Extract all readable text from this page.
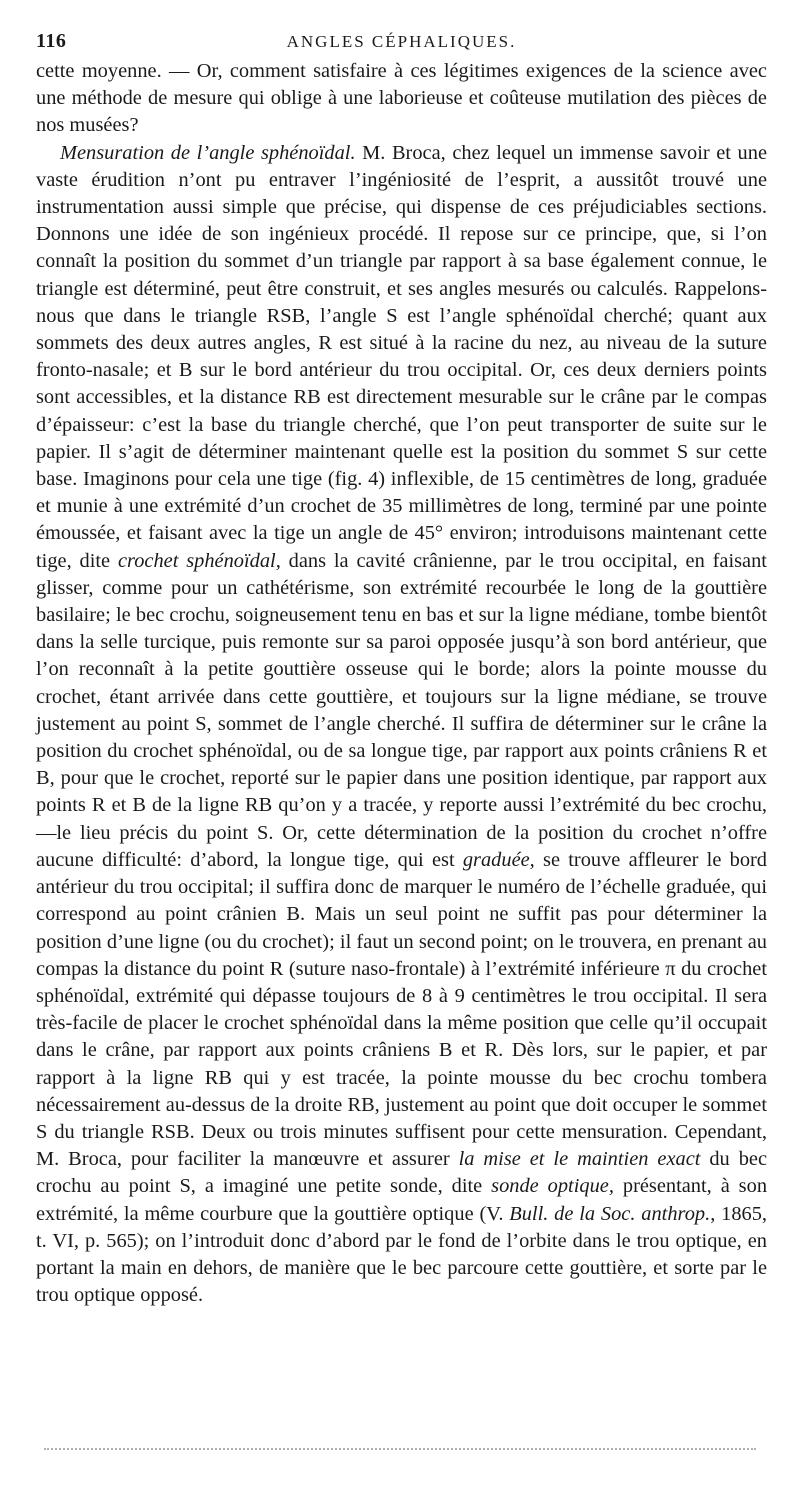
116	ANGLES CÉPHALIQUES.

cette moyenne. — Or, comment satisfaire à ces légitimes exigences de la science avec une méthode de mesure qui oblige à une laborieuse et coûteuse mutilation des pièces de nos musées?

Mensuration de l’angle sphénoïdal. M. Broca, chez lequel un immense savoir et une vaste érudition n’ont pu entraver l’ingéniosité de l’esprit, a aussitôt trouvé une instrumentation aussi simple que précise, qui dispense de ces préjudiciables sections. Donnons une idée de son ingénieux procédé. Il repose sur ce principe, que, si l’on connaît la position du sommet d’un triangle par rapport à sa base également connue, le triangle est déterminé, peut être construit, et ses angles mesurés ou calculés. Rappelons-nous que dans le triangle RSB, l’angle S est l’angle sphénoïdal cherché; quant aux sommets des deux autres angles, R est situé à la racine du nez, au niveau de la suture fronto-nasale; et B sur le bord antérieur du trou occipital. Or, ces deux derniers points sont accessibles, et la distance RB est directement mesurable sur le crâne par le compas d’épaisseur: c’est la base du triangle cherché, que l’on peut transporter de suite sur le papier. Il s’agit de déterminer maintenant quelle est la position du sommet S sur cette base. Imaginons pour cela une tige (fig. 4) inflexible, de 15 centimètres de long, graduée et munie à une extrémité d’un crochet de 35 millimètres de long, terminé par une pointe émoussée, et faisant avec la tige un angle de 45° environ; introduisons maintenant cette tige, dite crochet sphénoïdal, dans la cavité crânienne, par le trou occipital, en faisant glisser, comme pour un cathétérisme, son extrémité recourbée le long de la gouttière basilaire; le bec crochu, soigneusement tenu en bas et sur la ligne médiane, tombe bientôt dans la selle turcique, puis remonte sur sa paroi opposée jusqu’à son bord antérieur, que l’on reconnaît à la petite gouttière osseuse qui le borde; alors la pointe mousse du crochet, étant arrivée dans cette gouttière, et toujours sur la ligne médiane, se trouve justement au point S, sommet de l’angle cherché. Il suffira de déterminer sur le crâne la position du crochet sphénoïdal, ou de sa longue tige, par rapport aux points crâniens R et B, pour que le crochet, reporté sur le papier dans une position identique, par rapport aux points R et B de la ligne RB qu’on y a tracée, y reporte aussi l’extrémité du bec crochu, —le lieu précis du point S. Or, cette détermination de la position du crochet n’offre aucune difficulté: d’abord, la longue tige, qui est graduée, se trouve affleurer le bord antérieur du trou occipital; il suffira donc de marquer le numéro de l’échelle graduée, qui correspond au point crânien B. Mais un seul point ne suffit pas pour déterminer la position d’une ligne (ou du crochet); il faut un second point; on le trouvera, en prenant au compas la distance du point R (suture naso-frontale) à l’extrémité inférieure π du crochet sphénoïdal, extrémité qui dépasse toujours de 8 à 9 centimètres le trou occipital. Il sera très-facile de placer le crochet sphénoïdal dans la même position que celle qu’il occupait dans le crâne, par rapport aux points crâniens B et R. Dès lors, sur le papier, et par rapport à la ligne RB qui y est tracée, la pointe mousse du bec crochu tombera nécessairement au-dessus de la droite RB, justement au point que doit occuper le sommet S du triangle RSB. Deux ou trois minutes suffisent pour cette mensuration. Cependant, M. Broca, pour faciliter la manœuvre et assurer la mise et le maintien exact du bec crochu au point S, a imaginé une petite sonde, dite sonde optique, présentant, à son extrémité, la même courbure que la gouttière optique (V. Bull. de la Soc. anthrop., 1865, t. VI, p. 565); on l’introduit donc d’abord par le fond de l’orbite dans le trou optique, en portant la main en dehors, de manière que le bec parcoure cette gouttière, et sorte par le trou optique opposé.
